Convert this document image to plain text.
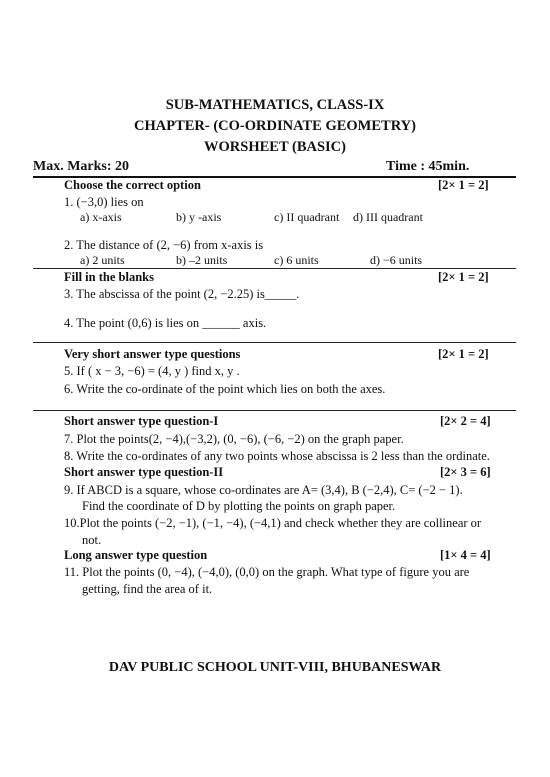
SUB-MATHEMATICS, CLASS-IX
CHAPTER- (CO-ORDINATE GEOMETRY)
WORSHEET (BASIC)
Max. Marks: 20	Time : 45min.
Choose the correct option	[2× 1 = 2]
1. (−3,0) lies on
a) x-axis	b) y -axis	c) II quadrant d) III quadrant
2. The distance of (2, −6) from x-axis is
a) 2 units	b) –2 units	c) 6 units	d) −6 units
Fill in the blanks	[2× 1 = 2]
3. The abscissa of the point (2, −2.25) is_____.
4. The point (0,6) is lies on ______ axis.
Very short answer type questions	[2× 1 = 2]
5. If ( x − 3, −6) = (4, y ) find x, y .
6. Write the co-ordinate of the point which lies on both the axes.
Short answer type question-I	[2× 2 = 4]
7. Plot the points(2, −4),(−3,2), (0, −6), (−6, −2) on the graph paper.
8. Write the co-ordinates of any two points whose abscissa is 2 less than the ordinate.
Short answer type question-II	[2× 3 = 6]
9. If ABCD is a square, whose co-ordinates are A= (3,4), B (−2,4), C= (−2 − 1).
Find the coordinate of D by plotting the points on graph paper.
10.Plot the points (−2, −1), (−1, −4), (−4,1) and check whether they are collinear or
not.
Long answer type question	[1× 4 = 4]
11. Plot the points (0, −4), (−4,0), (0,0) on the graph. What type of figure you are
getting, find the area of it.
DAV PUBLIC SCHOOL UNIT-VIII, BHUBANESWAR
